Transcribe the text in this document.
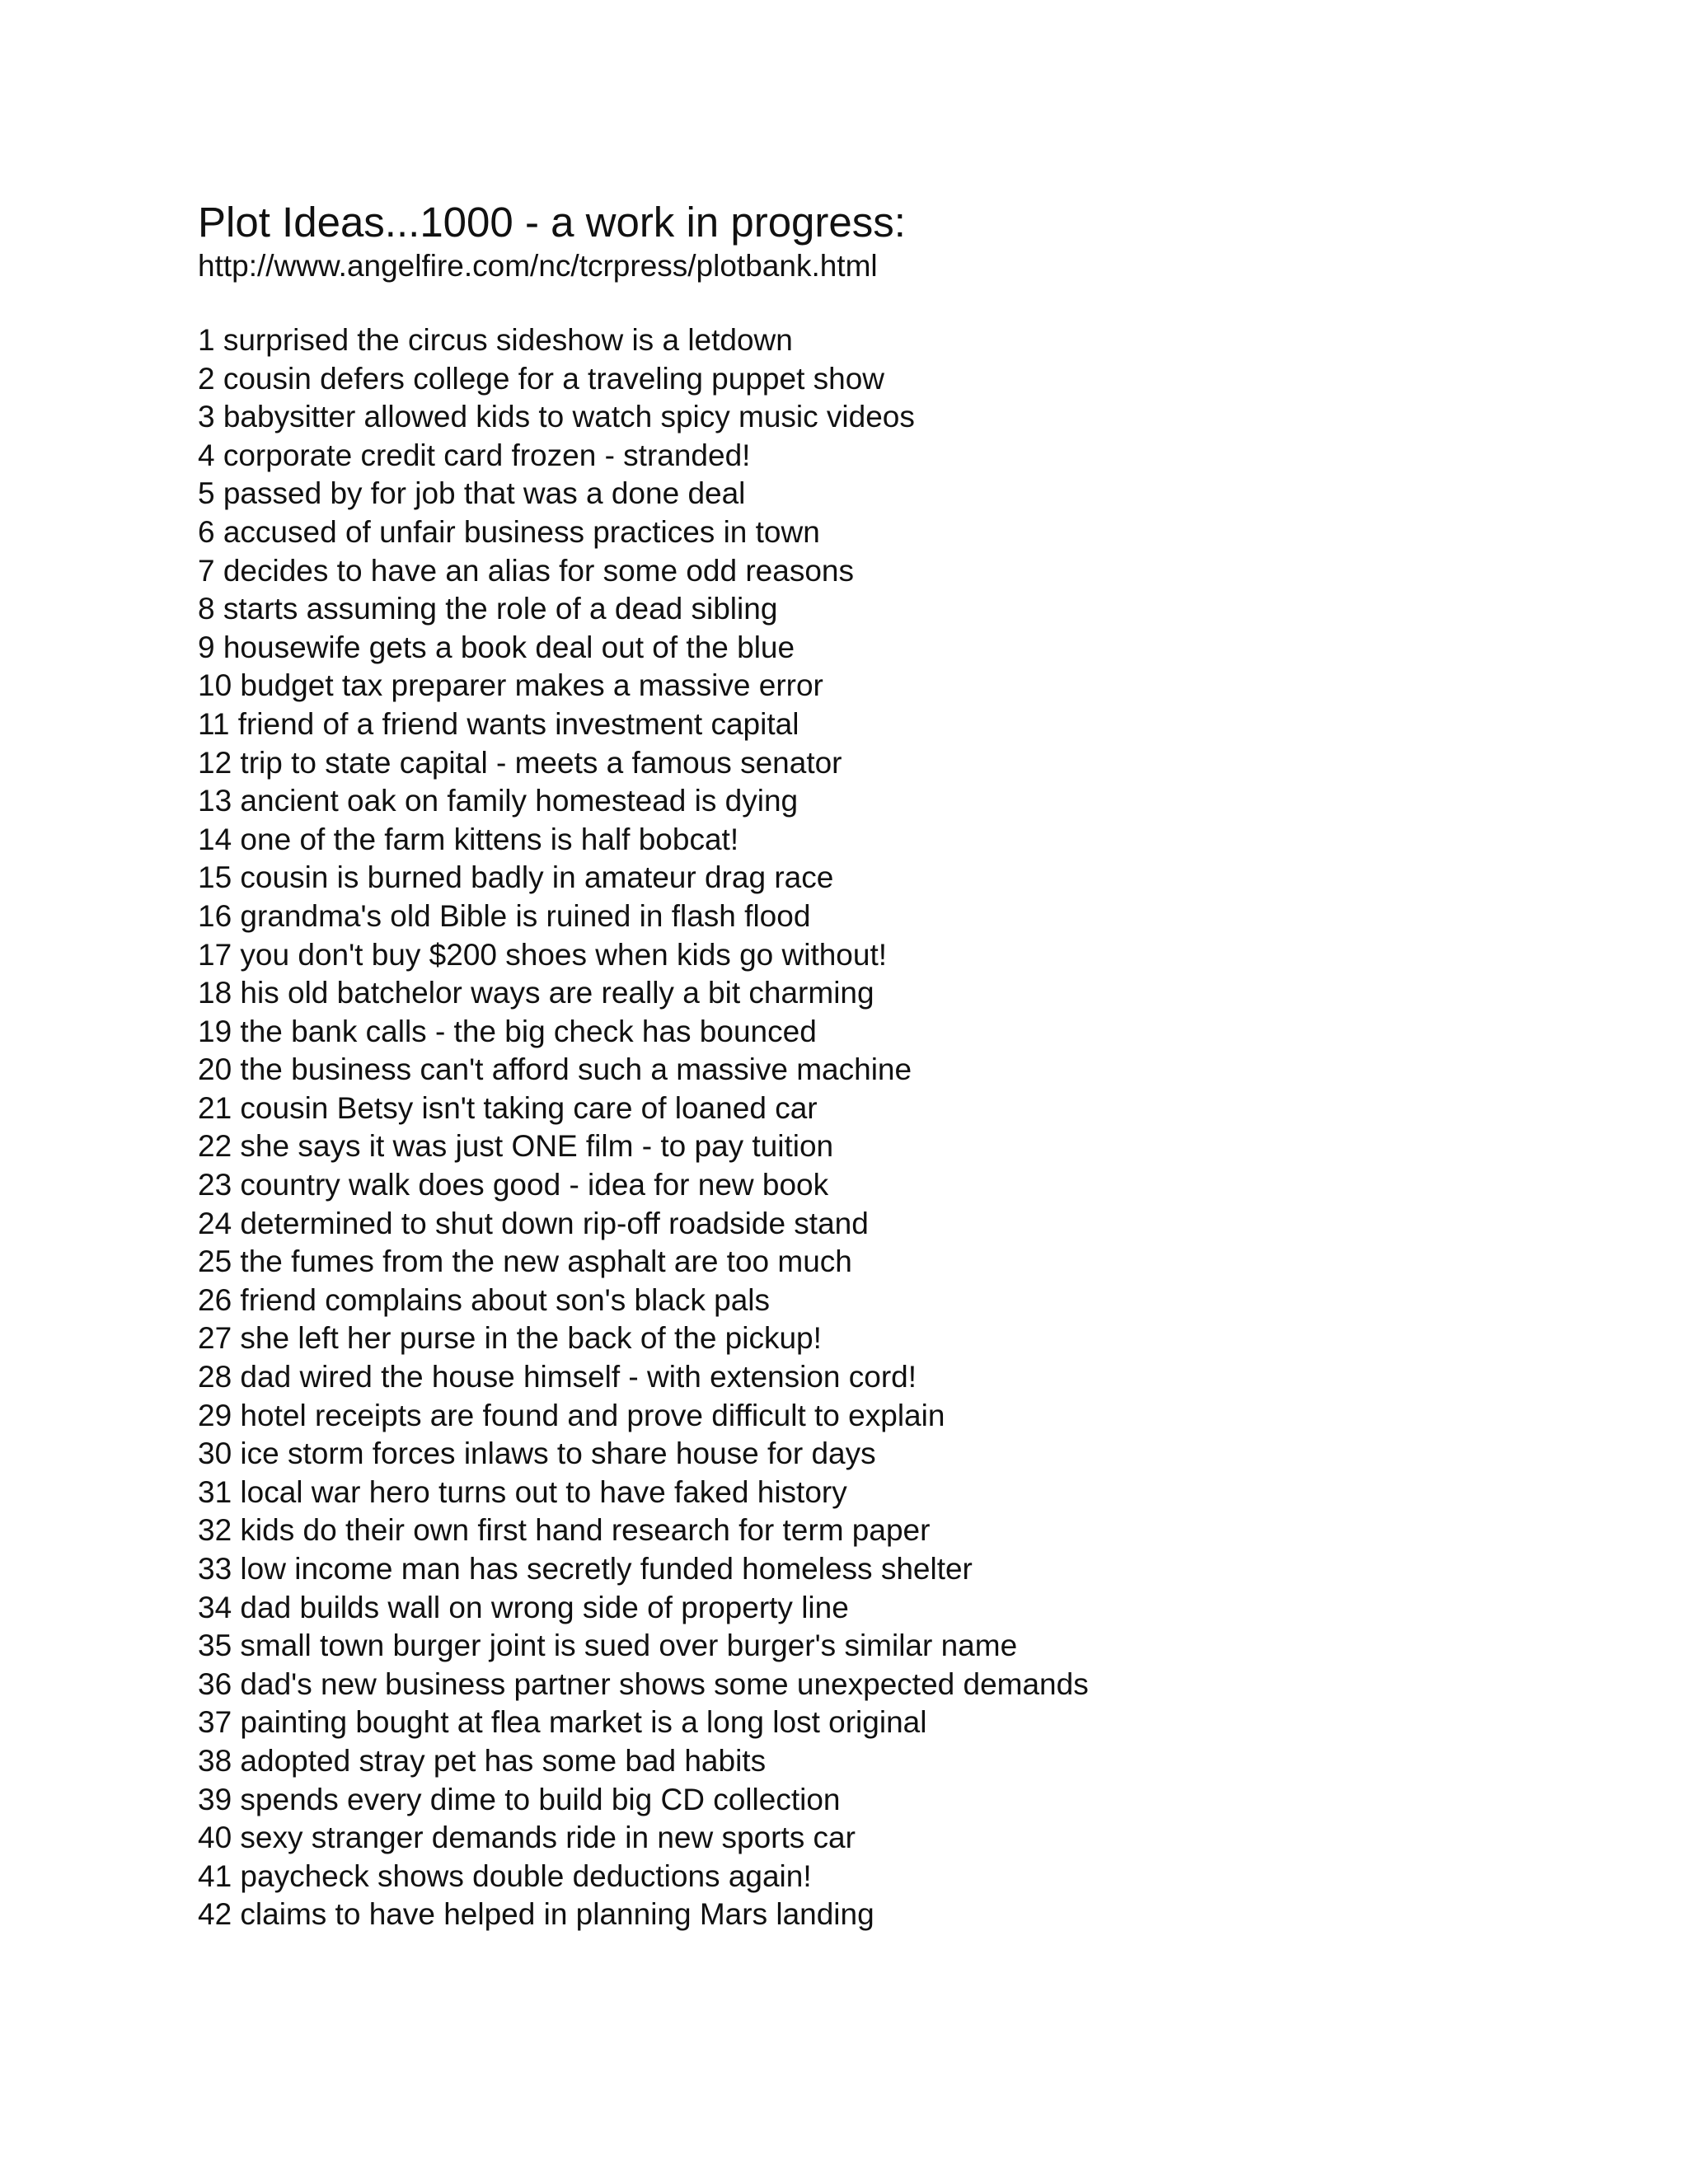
Plot Ideas...1000 - a work in progress:
http://www.angelfire.com/nc/tcrpress/plotbank.html
1 surprised the circus sideshow is a letdown
2 cousin defers college for a traveling puppet show
3 babysitter allowed kids to watch spicy music videos
4 corporate credit card frozen - stranded!
5 passed by for job that was a done deal
6 accused of unfair business practices in town
7 decides to have an alias for some odd reasons
8 starts assuming the role of a dead sibling
9 housewife gets a book deal out of the blue
10 budget tax preparer makes a massive error
11 friend of a friend wants investment capital
12 trip to state capital - meets a famous senator
13 ancient oak on family homestead is dying
14 one of the farm kittens is half bobcat!
15 cousin is burned badly in amateur drag race
16 grandma's old Bible is ruined in flash flood
17 you don't buy $200 shoes when kids go without!
18 his old batchelor ways are really a bit charming
19 the bank calls - the big check has bounced
20 the business can't afford such a massive machine
21 cousin Betsy isn't taking care of loaned car
22 she says it was just ONE film - to pay tuition
23 country walk does good - idea for new book
24 determined to shut down rip-off roadside stand
25 the fumes from the new asphalt are too much
26 friend complains about son's black pals
27 she left her purse in the back of the pickup!
28 dad wired the house himself - with extension cord!
29 hotel receipts are found and prove difficult to explain
30 ice storm forces inlaws to share house for days
31 local war hero turns out to have faked history
32 kids do their own first hand research for term paper
33 low income man has secretly funded homeless shelter
34 dad builds wall on wrong side of property line
35 small town burger joint is sued over burger's similar name
36 dad's new business partner shows some unexpected demands
37 painting bought at flea market is a long lost original
38 adopted stray pet has some bad habits
39 spends every dime to build big CD collection
40 sexy stranger demands ride in new sports car
41 paycheck shows double deductions again!
42 claims to have helped in planning Mars landing
